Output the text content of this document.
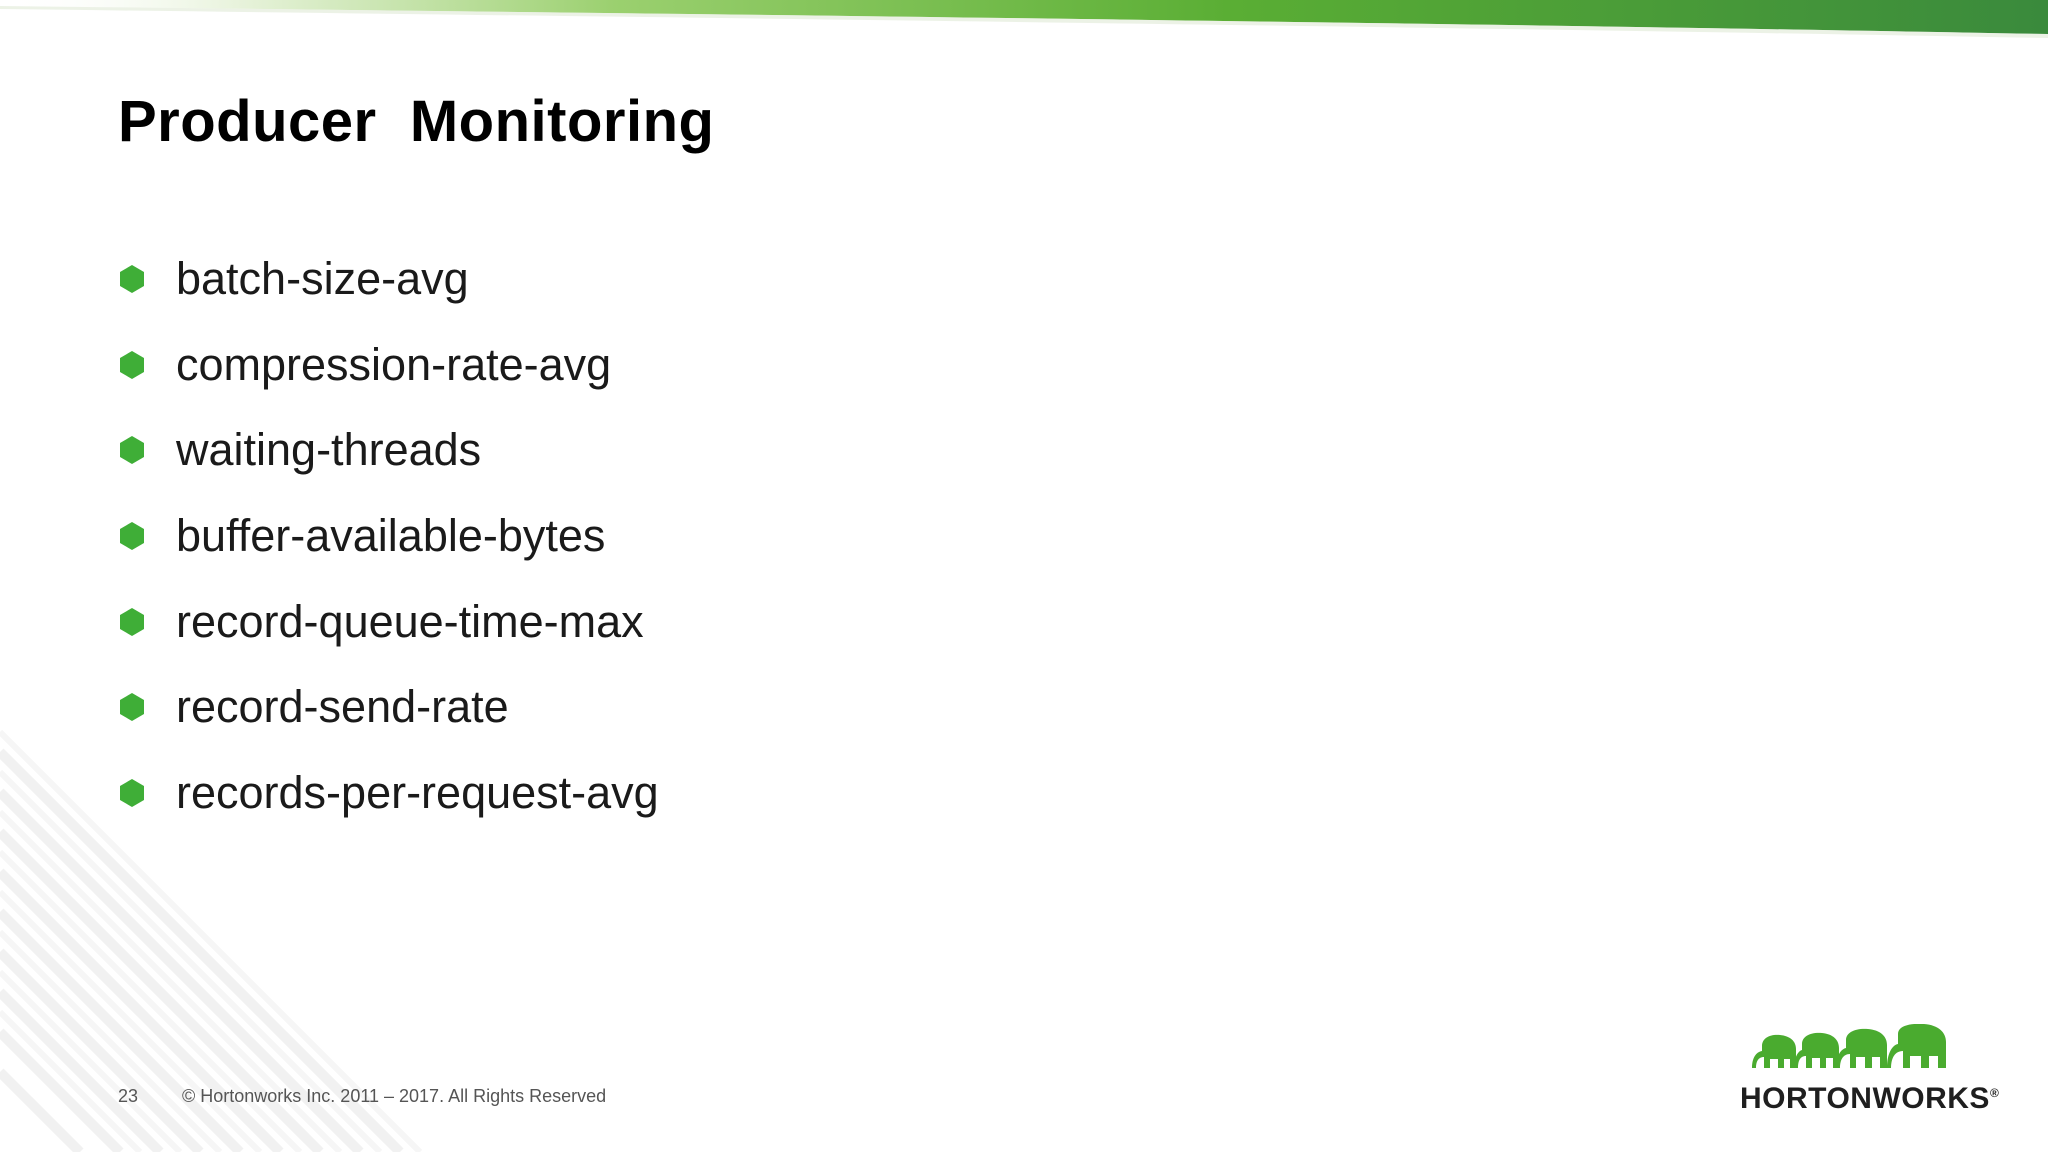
Producer  Monitoring
batch-size-avg
compression-rate-avg
waiting-threads
buffer-available-bytes
record-queue-time-max
record-send-rate
records-per-request-avg
23	© Hortonworks Inc. 2011 – 2017. All Rights Reserved	HORTONWORKS®
